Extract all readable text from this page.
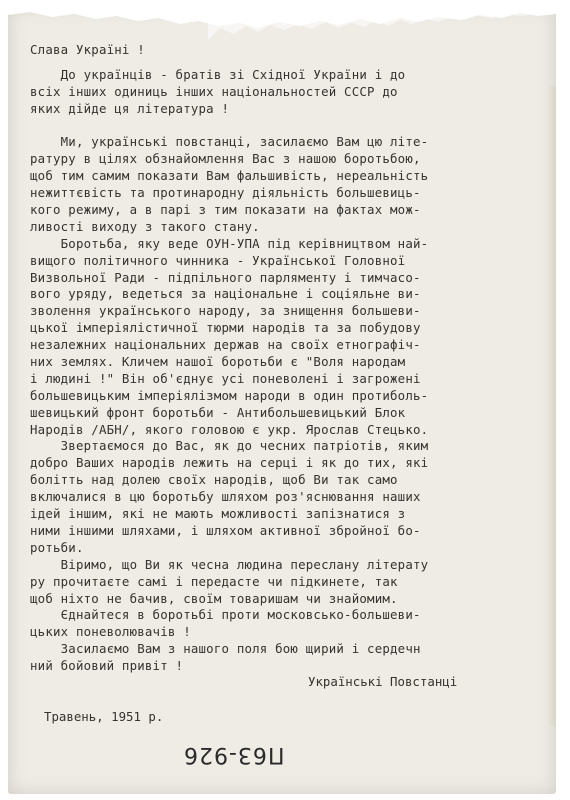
Слава Україні !
До українців - братів зі Східної України і до
всіх інших одиниць інших національностей СССР до
яких дійде ця література !
Ми, українські повстанці, засилаємо Вам цю літе-
ратуру в цілях обзнайомлення Вас з нашою боротьбою,
щоб тим самим показати Вам фальшивість, нереальність
нежиттєвість та протинародну діяльність большевиць-
кого режиму, а в парі з тим показати на фактах мож-
ливості виходу з такого стану.
Боротьба, яку веде ОУН-УПА під керівництвом най-
вищого політичного чинника - Української Головної
Визвольної Ради - підпільного парляменту і тимчасо-
вого уряду, ведеться за національне і соціяльне ви-
зволення українського народу, за знищення большеви-
цької імперіялістичної тюрми народів та за побудову
незалежних національних держав на своїх етнографіч-
них землях. Кличем нашої боротьби є "Воля народам
і людині !" Він об'єднує усі поневолені і загрожені
большевицьким імперіялізмом народи в один протиболь-
шевицький фронт боротьби - Антибольшевицький Блок
Народів /АБН/, якого головою є укр. Ярослав Стецько.
Звертаємося до Вас, як до чесних патріотів, яким
добро Ваших народів лежить на серці і як до тих, які
болітть над долею своїх народів, щоб Ви так само
включалися в цю боротьбу шляхом роз'яснювання наших
ідей іншим, які не мають можливості запізнатися з
ними іншими шляхами, і шляхом активної збройної бо-
ротьби.
Віримо, що Ви як чесна людина переслану літерату
ру прочитаєте самі і передасте чи підкинете, так
щоб ніхто не бачив, своїм товаришам чи знайомим.
Єднайтеся в боротьбі проти московсько-большеви-
цьких поневолювачів !
Засилаємо Вам з нашого поля бою щирий і сердечн
ний бойовий привіт !
Українські Повстанці
Травень, 1951 р.
П63-926
